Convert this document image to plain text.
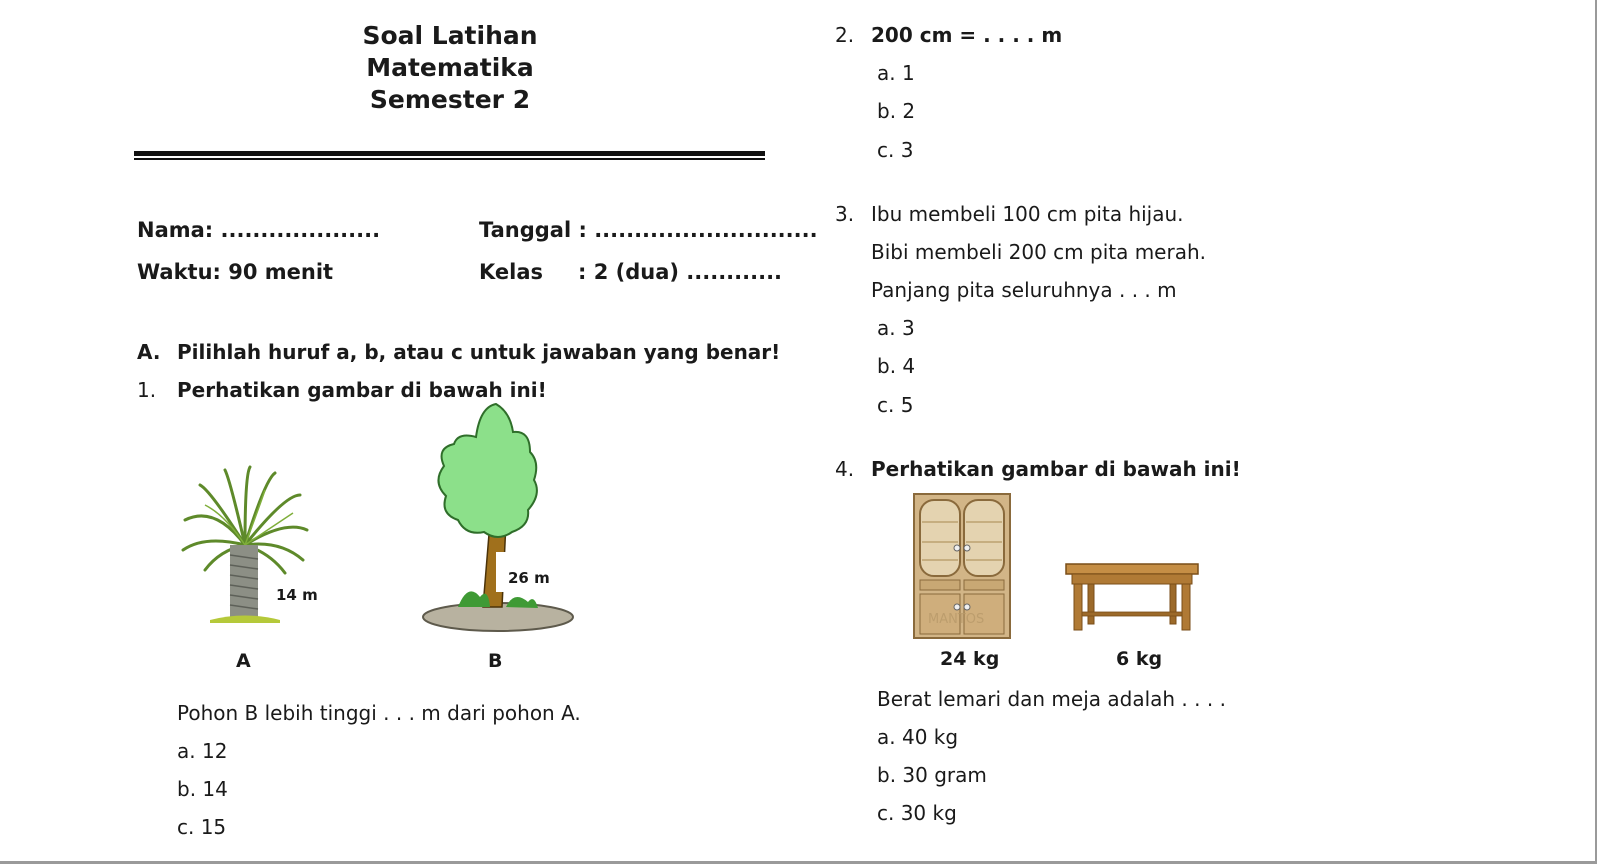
Soal Latihan
Matematika
Semester 2
Nama: ....................	Tanggal : ............................
Waktu: 90 menit	Kelas : 2 (dua) ............
A. Pilihlah huruf a, b, atau c untuk jawaban yang benar!
1. Perhatikan gambar di bawah ini!
14 m
A
26 m
B
Pohon B lebih tinggi . . . m dari pohon A.
a. 12
b. 14
c. 15
2. 200 cm = . . . . m
a. 1
b. 2
c. 3
3. Ibu membeli 100 cm pita hijau.
Bibi membeli 200 cm pita merah.
Panjang pita seluruhnya . . . m
a. 3
b. 4
c. 5
4. Perhatikan gambar di bawah ini!
MANTOS
24 kg	6 kg
Berat lemari dan meja adalah . . . .
a. 40 kg
b. 30 gram
c. 30 kg
